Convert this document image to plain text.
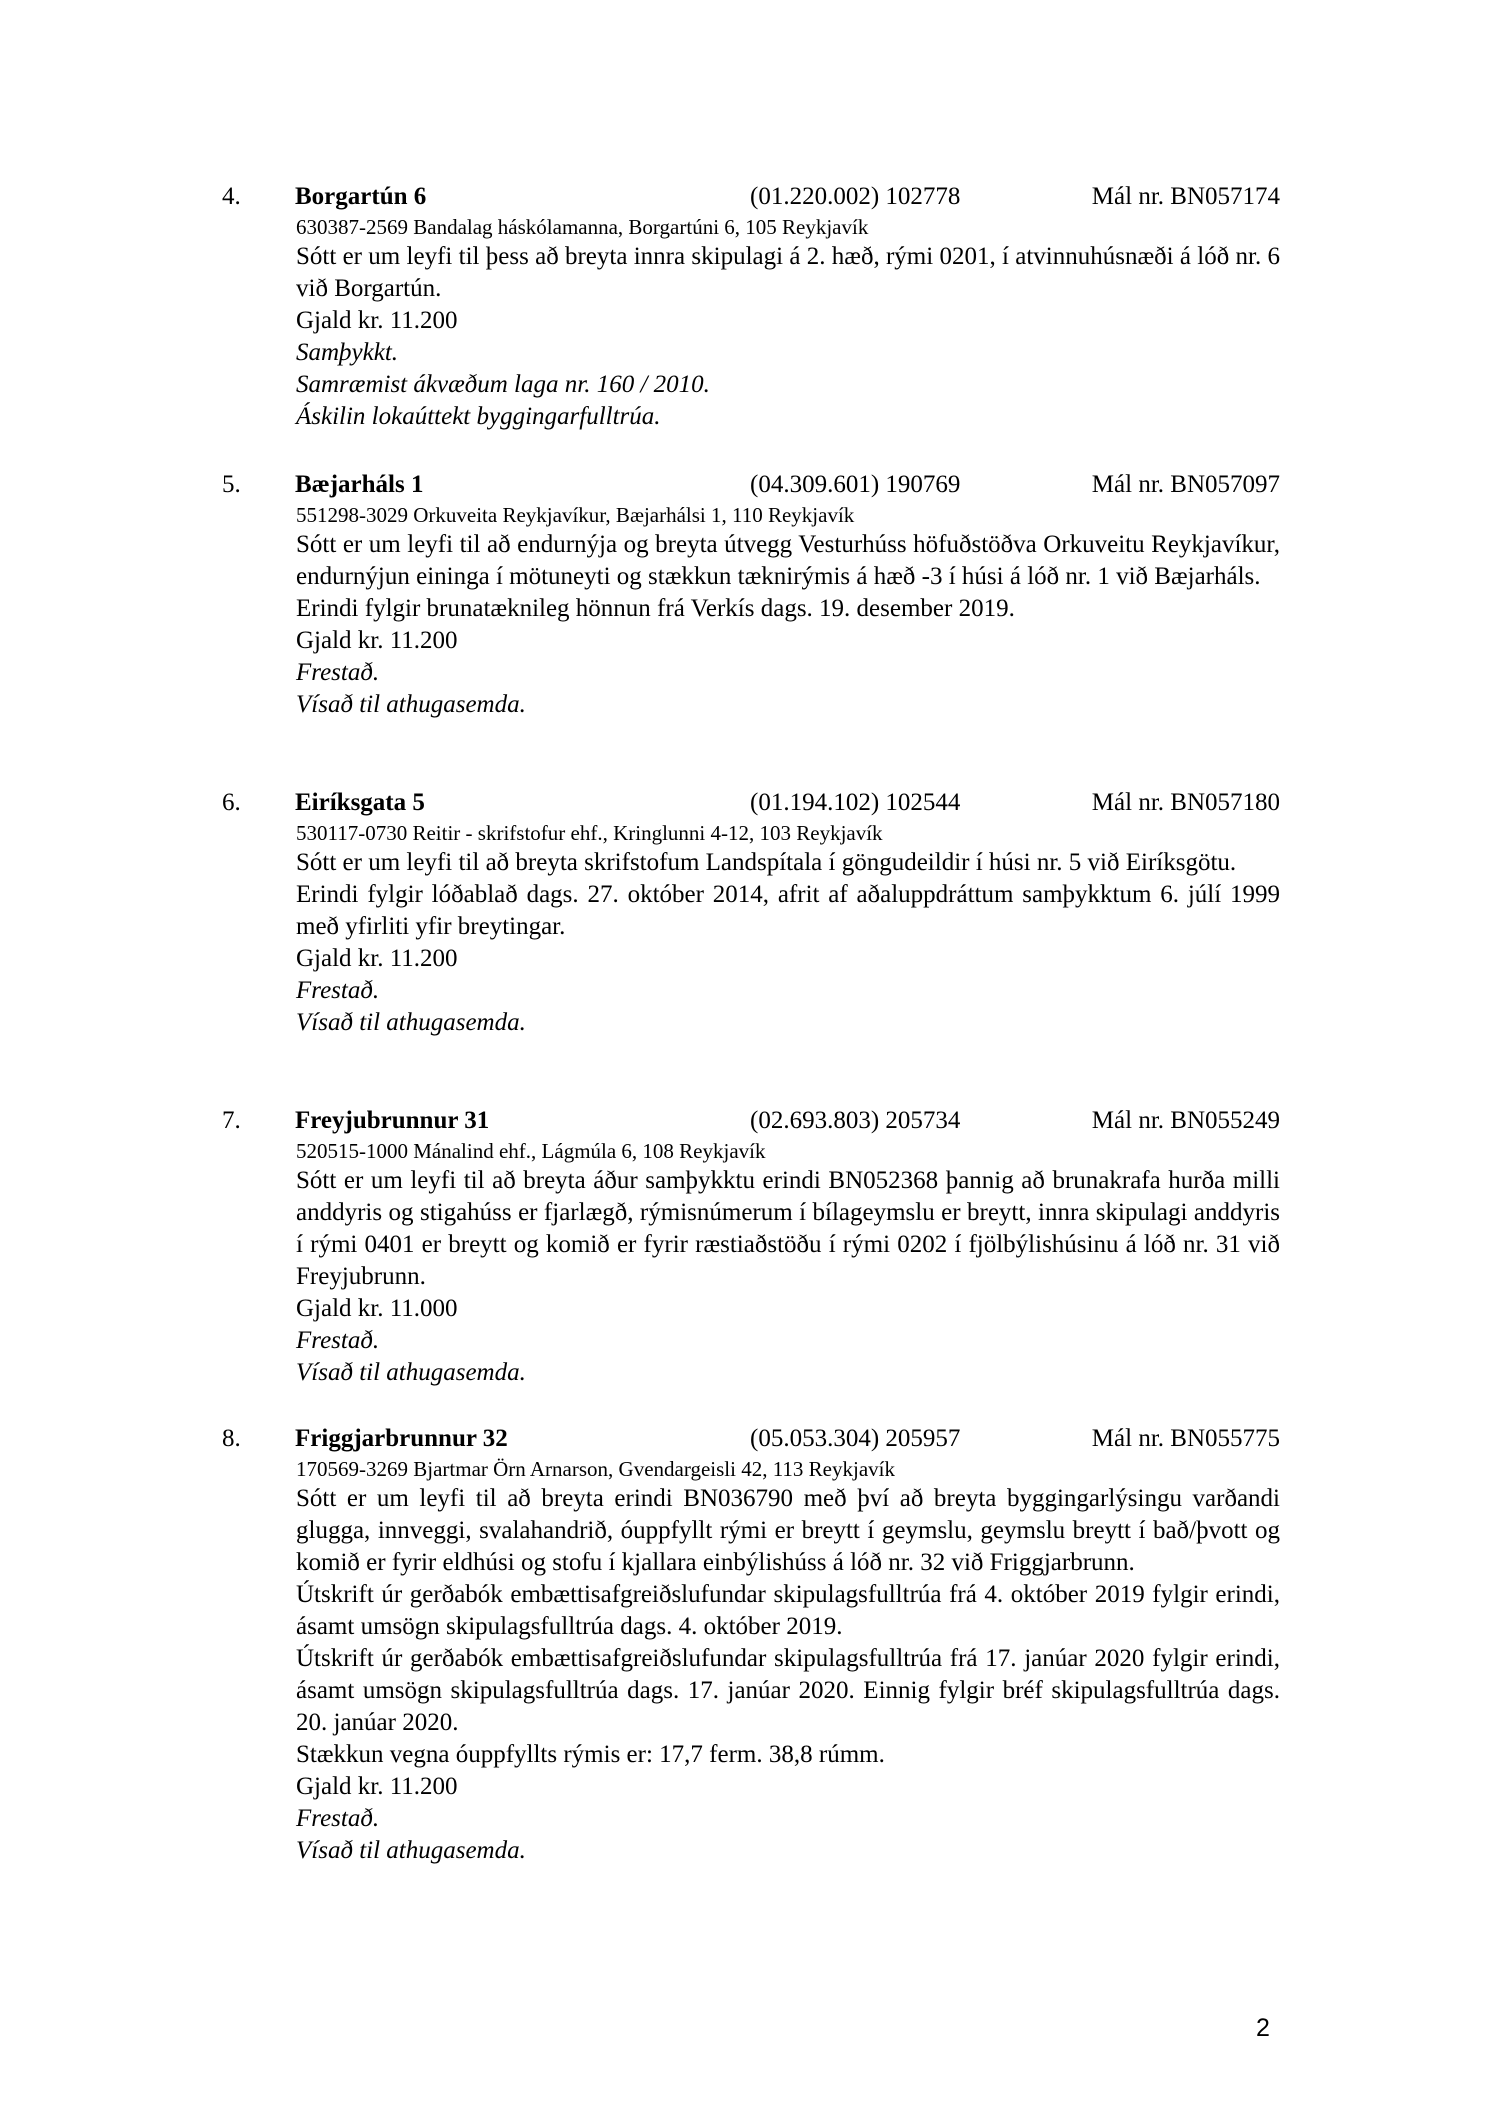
4. Borgartún 6	(01.220.002) 102778	Mál nr. BN057174
630387-2569 Bandalag háskólamanna, Borgartúni 6, 105 Reykjavík

Sótt er um leyfi til þess að breyta innra skipulagi á 2. hæð, rými 0201, í atvinnuhúsnæði á lóð nr. 6 við Borgartún.

Gjald kr. 11.200
Samþykkt.
Samræmist ákvæðum laga nr. 160 / 2010.
Áskilin lokaúttekt byggingarfulltrúa.
5. Bæjarháls 1	(04.309.601) 190769	Mál nr. BN057097
551298-3029 Orkuveita Reykjavíkur, Bæjarhálsi 1, 110 Reykjavík

Sótt er um leyfi til að endurnýja og breyta útvegg Vesturhúss höfuðstöðva Orkuveitu Reykjavíkur, endurnýjun eininga í mötuneyti og stækkun tæknirýmis á hæð -3 í húsi á lóð nr. 1 við Bæjarháls.

Erindi fylgir brunatæknileg hönnun frá Verkís dags. 19. desember 2019.

Gjald kr. 11.200
Frestað.
Vísað til athugasemda.
6. Eiríksgata 5	(01.194.102) 102544	Mál nr. BN057180
530117-0730 Reitir - skrifstofur ehf., Kringlunni 4-12, 103 Reykjavík

Sótt er um leyfi til að breyta skrifstofum Landspítala í göngudeildir í húsi nr. 5 við Eiríksgötu.

Erindi fylgir lóðablað dags. 27. október 2014, afrit af aðaluppdráttum samþykktum 6. júlí 1999 með yfirliti yfir breytingar.

Gjald kr. 11.200
Frestað.
Vísað til athugasemda.
7. Freyjubrunnur 31	(02.693.803) 205734	Mál nr. BN055249
520515-1000 Mánalind ehf., Lágmúla 6, 108 Reykjavík

Sótt er um leyfi til að breyta áður samþykktu erindi BN052368 þannig að brunakrafa hurða milli anddyris og stigahúss er fjarlægð, rýmisnúmerum í bílageymslu er breytt, innra skipulagi anddyris í rými 0401 er breytt og komið er fyrir ræstiaðstöðu í rými 0202 í fjölbýlishúsinu á lóð nr. 31 við Freyjubrunn.

Gjald kr. 11.000
Frestað.
Vísað til athugasemda.
8. Friggjarbrunnur 32	(05.053.304) 205957	Mál nr. BN055775
170569-3269 Bjartmar Örn Arnarson, Gvendargeisli 42, 113 Reykjavík

Sótt er um leyfi til að breyta erindi BN036790 með því að breyta byggingarlýsingu varðandi glugga, innveggi, svalahandrið, óuppfyllt rými er breytt í geymslu, geymslu breytt í bað/þvott og komið er fyrir eldhúsi og stofu í kjallara einbýlishúss á lóð nr. 32 við Friggjarbrunn.

Útskrift úr gerðabók embættisafgreiðslufundar skipulagsfulltrúa frá 4. október 2019 fylgir erindi, ásamt umsögn skipulagsfulltrúa dags. 4. október 2019.

Útskrift úr gerðabók embættisafgreiðslufundar skipulagsfulltrúa frá 17. janúar 2020 fylgir erindi, ásamt umsögn skipulagsfulltrúa dags. 17. janúar 2020. Einnig fylgir bréf skipulagsfulltrúa dags. 20. janúar 2020.

Stækkun vegna óuppfyllts rýmis er: 17,7 ferm. 38,8 rúmm.

Gjald kr. 11.200
Frestað.
Vísað til athugasemda.
2
